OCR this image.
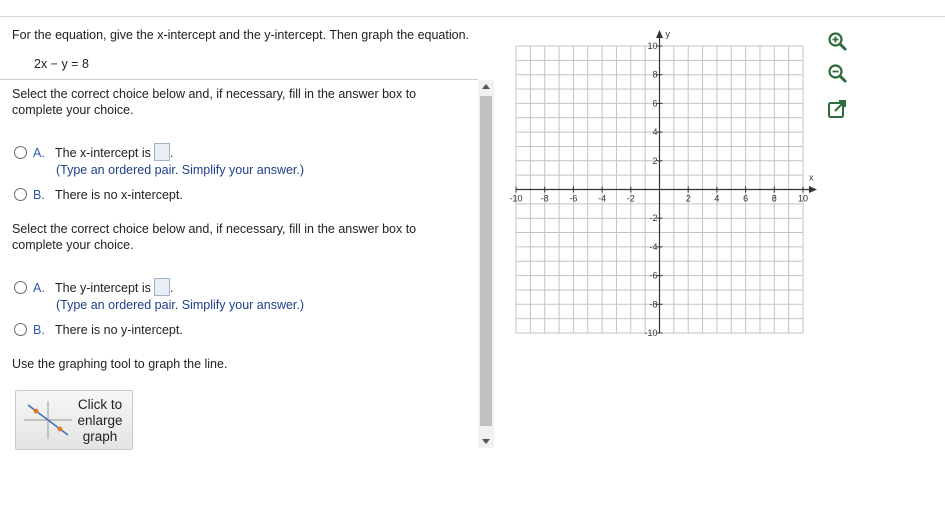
For the equation, give the x-intercept and the y-intercept. Then graph the equation.
2x − y = 8
Select the correct choice below and, if necessary, fill in the answer box to complete your choice.
A. The x-intercept is .
(Type an ordered pair. Simplify your answer.)
B. There is no x-intercept.
Select the correct choice below and, if necessary, fill in the answer box to complete your choice.
A. The y-intercept is .
(Type an ordered pair. Simplify your answer.)
B. There is no y-intercept.
Use the graphing tool to graph the line.
Click to
enlarge
graph
x
y
-10 -8 -6 -4 -2	2	4	6	8 10
10
8
6
4
2
-2
-4
-6
-8
-10
